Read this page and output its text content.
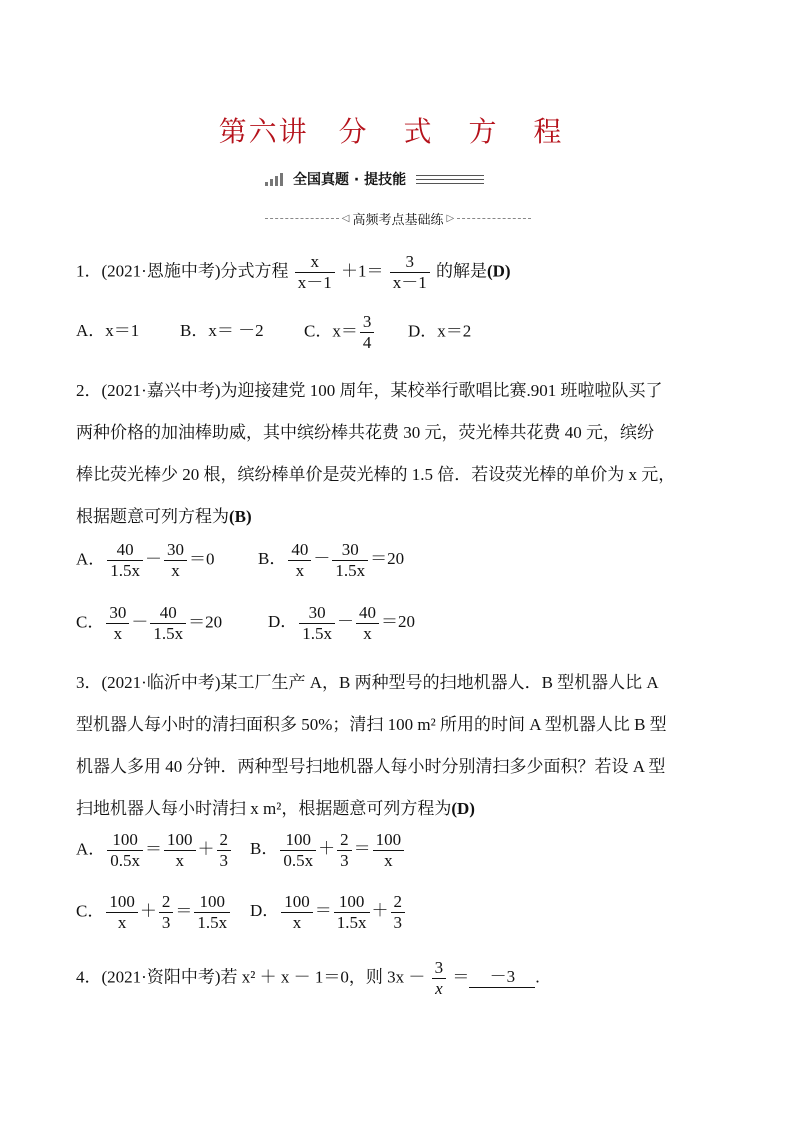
第六讲 分 式 方 程
全国真题 · 提技能
◁ 高频考点基础练 ▷
1．(2021·恩施中考)分式方程 $\frac{x}{x-1} +1= \frac{3}{x-1}$ 的解是(D)
A．x＝1 B．x＝ －2 C．$x= \frac{3}{4}$ D．x＝2
2．(2021·嘉兴中考)为迎接建党 100 周年，某校举行歌唱比赛.901 班啦啦队买了
两种价格的加油棒助威，其中缤纷棒共花费 30 元，荧光棒共花费 40 元，缤纷
棒比荧光棒少 20 根，缤纷棒单价是荧光棒的 1.5 倍．若设荧光棒的单价为 x 元，
根据题意可列方程为(B)
A． $\frac{40}{1.5x} - \frac{30}{x} =0$	B． $\frac{40}{x} - \frac{30}{1.5x} =20$
C． $\frac{30}{x} - \frac{40}{1.5x} =20$	D． $\frac{30}{1.5x} - \frac{40}{x} =20$
3．(2021·临沂中考)某工厂生产 A，B 两种型号的扫地机器人．B 型机器人比 A
型机器人每小时的清扫面积多 50%；清扫 100 m² 所用的时间 A 型机器人比 B 型
机器人多用 40 分钟．两种型号扫地机器人每小时分别清扫多少面积？若设 A 型
扫地机器人每小时清扫 x m²，根据题意可列方程为(D)
A． $\frac{100}{0.5x} = \frac{100}{x} + \frac{2}{3}$ B． $\frac{100}{0.5x} + \frac{2}{3} = \frac{100}{x}$
C． $\frac{100}{x} + \frac{2}{3} = \frac{100}{1.5x}$ D． $\frac{100}{x} = \frac{100}{1.5x} + \frac{2}{3}$
4．(2021·资阳中考)若 x² ＋ x － 1＝0，则 $3x - \frac{3}{x} = -3$ .
